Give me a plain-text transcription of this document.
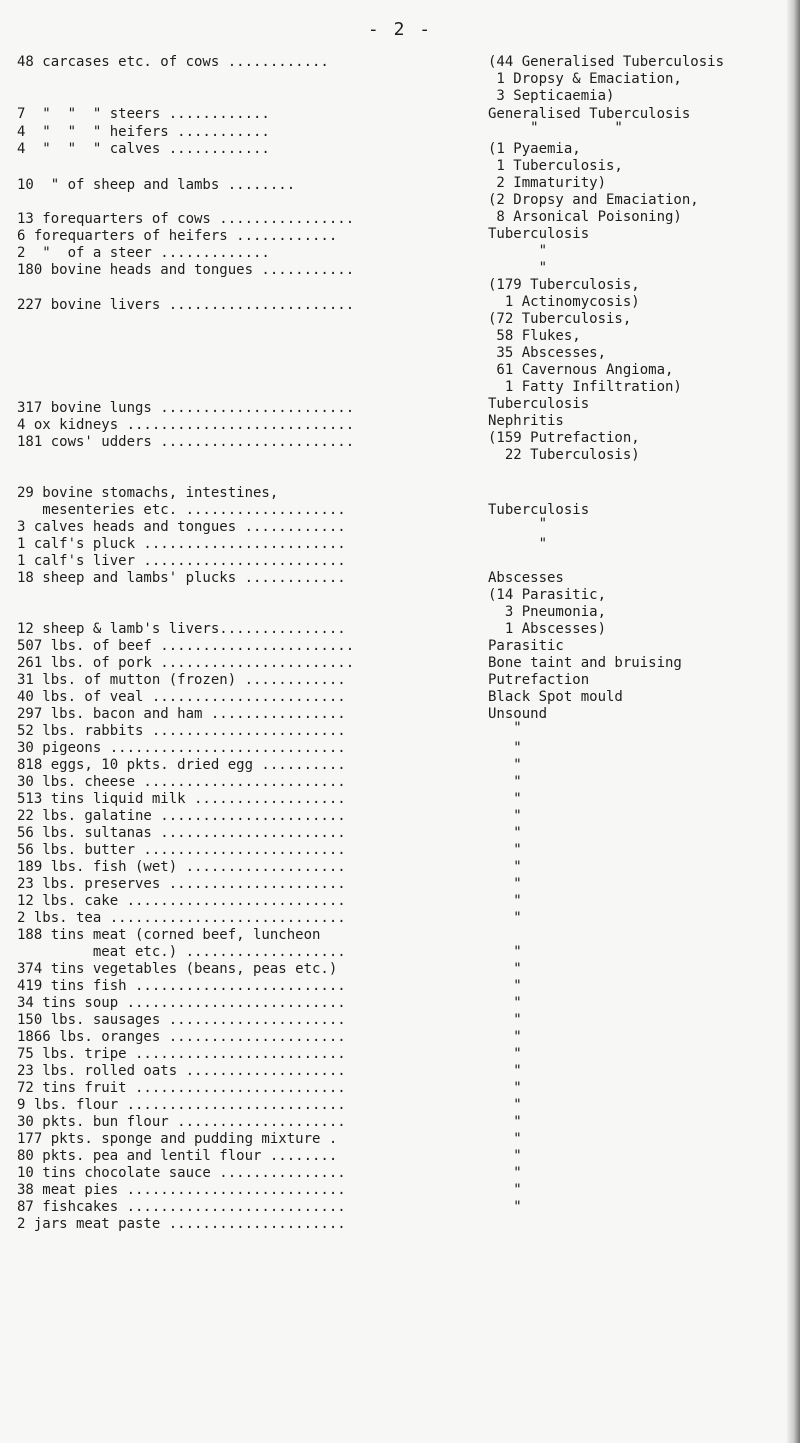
- 2 -
48 carcases etc. of cows ............
7  "  "  " steers ............
4  "  "  " heifers ...........
4  "  "  " calves ............
10  " of sheep and lambs ........
13 forequarters of cows ................
6 forequarters of heifers ............
2  "  of a steer .............
180 bovine heads and tongues ...........
227 bovine livers ......................
317 bovine lungs .......................
4 ox kidneys ...........................
181 cows' udders .......................
29 bovine stomachs, intestines,
mesenteries etc. ...................
3 calves heads and tongues ............
1 calf's pluck ........................
1 calf's liver ........................
18 sheep and lambs' plucks ............
12 sheep & lamb's livers...............
507 lbs. of beef .......................
261 lbs. of pork .......................
31 lbs. of mutton (frozen) ............
40 lbs. of veal .......................
297 lbs. bacon and ham ................
52 lbs. rabbits .......................
30 pigeons ............................
818 eggs, 10 pkts. dried egg ..........
30 lbs. cheese ........................
513 tins liquid milk ..................
22 lbs. galatine ......................
56 lbs. sultanas ......................
56 lbs. butter ........................
189 lbs. fish (wet) ...................
23 lbs. preserves .....................
12 lbs. cake ..........................
2 lbs. tea ............................
188 tins meat (corned beef, luncheon
meat etc.) ...................
374 tins vegetables (beans, peas etc.)
419 tins fish .........................
34 tins soup ..........................
150 lbs. sausages .....................
1866 lbs. oranges .....................
75 lbs. tripe .........................
23 lbs. rolled oats ...................
72 tins fruit .........................
9 lbs. flour ..........................
30 pkts. bun flour ....................
177 pkts. sponge and pudding mixture .
80 pkts. pea and lentil flour ........
10 tins chocolate sauce ...............
38 meat pies ..........................
87 fishcakes ..........................
2 jars meat paste .....................
(44 Generalised Tuberculosis
1 Dropsy & Emaciation,
3 Septicaemia)
Generalised Tuberculosis
"         "
(1 Pyaemia,
1 Tuberculosis,
2 Immaturity)
(2 Dropsy and Emaciation,
8 Arsonical Poisoning)
Tuberculosis
"
"
(179 Tuberculosis,
1 Actinomycosis)
(72 Tuberculosis,
58 Flukes,
35 Abscesses,
61 Cavernous Angioma,
1 Fatty Infiltration)
Tuberculosis
Nephritis
(159 Putrefaction,
22 Tuberculosis)
Tuberculosis
"
"
Abscesses
(14 Parasitic,
3 Pneumonia,
1 Abscesses)
Parasitic
Bone taint and bruising
Putrefaction
Black Spot mould
Unsound
"
"
"
"
"
"
"
"
"
"
"
"
"
"
"
"
"
"
"
"
"
"
"
"
"
"
"
"
